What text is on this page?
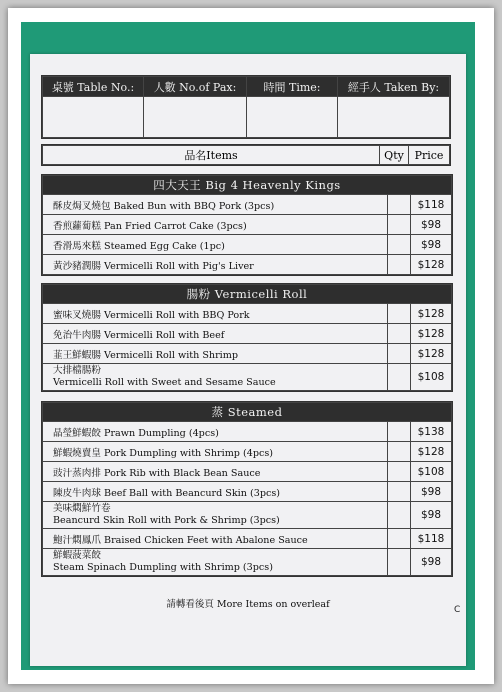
桌號 Table No.:	人數 No.of Pax:	時間 Time:	經手人 Taken By:

品名Items	Qty	Price
四大天王 Big 4 Heavenly Kings		
酥皮焗叉燒包 Baked Bun with BBQ Pork (3pcs)		$118
香煎蘿蔔糕 Pan Fried Carrot Cake (3pcs)		$98
香滑馬來糕 Steamed Egg Cake (1pc)		$98
黃沙豬潤腸 Vermicelli Roll with Pig's Liver		$128
腸粉 Vermicelli Roll		
蜜味叉燒腸 Vermicelli Roll with BBQ Pork		$128
免治牛肉腸 Vermicelli Roll with Beef		$128
韮王鮮蝦腸 Vermicelli Roll with Shrimp		$128

大排檔腸粉
Vermicelli Roll with Sweet and Sesame Sauce		$108
蒸 Steamed		
晶瑩鮮蝦餃 Prawn Dumpling (4pcs)		$138
鮮蝦燒賣皇 Pork Dumpling with Shrimp (4pcs)		$128
豉汁蒸肉排 Pork Rib with Black Bean Sauce		$108
陳皮牛肉球 Beef Ball with Beancurd Skin (3pcs)		$98

美味燜鮮竹卷
Beancurd Skin Roll with Pork & Shrimp (3pcs)		$98
鮑汁燜鳳爪 Braised Chicken Feet with Abalone Sauce		$118

鮮蝦菠菜餃
Steam Spinach Dumpling with Shrimp (3pcs)		$98
請轉看後頁 More Items on overleaf	C
